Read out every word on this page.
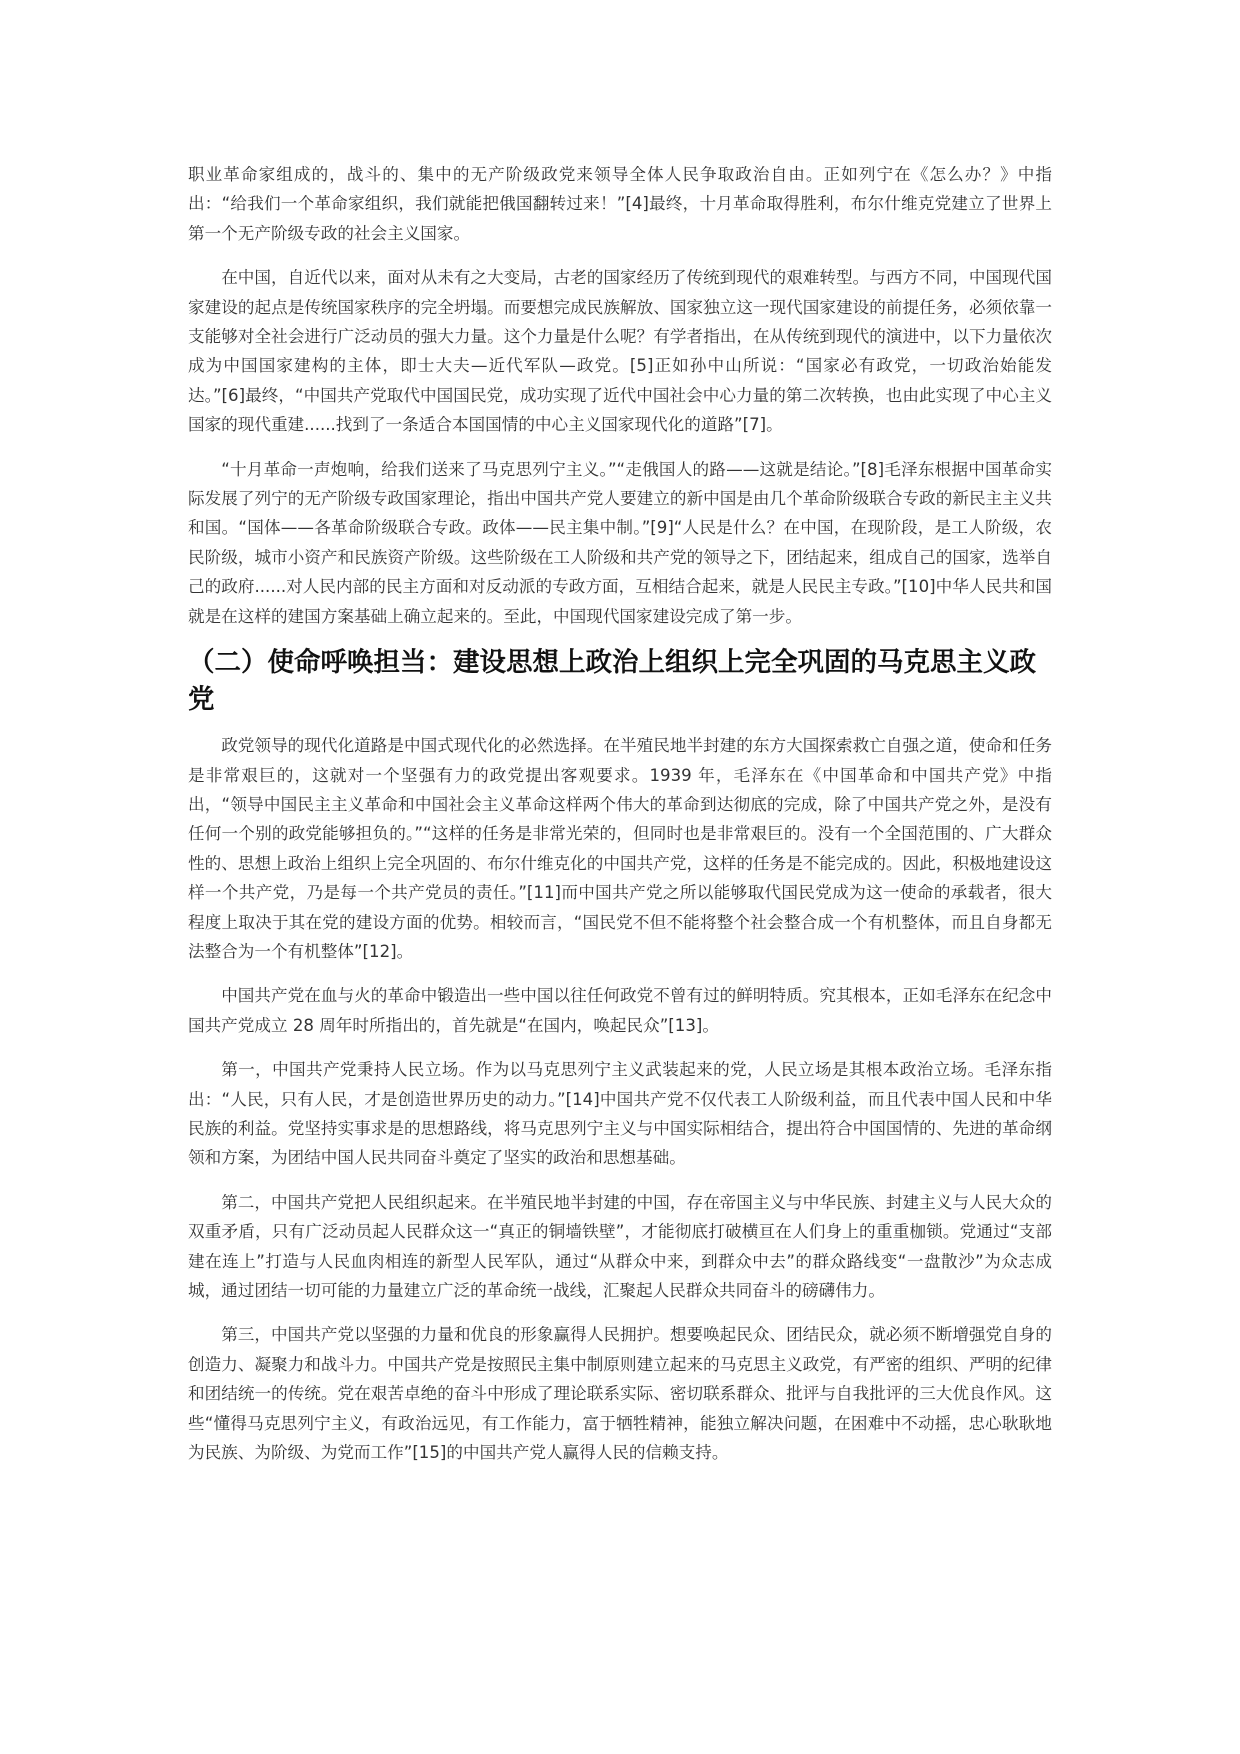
职业革命家组成的，战斗的、集中的无产阶级政党来领导全体人民争取政治自由。正如列宁在《怎么办？》中指出：“给我们一个革命家组织，我们就能把俄国翻转过来！”[4]最终，十月革命取得胜利，布尔什维克党建立了世界上第一个无产阶级专政的社会主义国家。

在中国，自近代以来，面对从未有之大变局，古老的国家经历了传统到现代的艰难转型。与西方不同，中国现代国家建设的起点是传统国家秩序的完全坍塌。而要想完成民族解放、国家独立这一现代国家建设的前提任务，必须依靠一支能够对全社会进行广泛动员的强大力量。这个力量是什么呢？有学者指出，在从传统到现代的演进中，以下力量依次成为中国国家建构的主体，即士大夫—近代军队—政党。[5]正如孙中山所说：“国家必有政党，一切政治始能发达。”[6]最终，“中国共产党取代中国国民党，成功实现了近代中国社会中心力量的第二次转换，也由此实现了中心主义国家的现代重建......找到了一条适合本国国情的中心主义国家现代化的道路”[7]。

“十月革命一声炮响，给我们送来了马克思列宁主义。”“走俄国人的路——这就是结论。”[8]毛泽东根据中国革命实际发展了列宁的无产阶级专政国家理论，指出中国共产党人要建立的新中国是由几个革命阶级联合专政的新民主主义共和国。“国体——各革命阶级联合专政。政体——民主集中制。”[9]“人民是什么？在中国，在现阶段，是工人阶级，农民阶级，城市小资产和民族资产阶级。这些阶级在工人阶级和共产党的领导之下，团结起来，组成自己的国家，选举自己的政府......对人民内部的民主方面和对反动派的专政方面，互相结合起来，就是人民民主专政。”[10]中华人民共和国就是在这样的建国方案基础上确立起来的。至此，中国现代国家建设完成了第一步。

（二）使命呼唤担当：建设思想上政治上组织上完全巩固的马克思主义政党

政党领导的现代化道路是中国式现代化的必然选择。在半殖民地半封建的东方大国探索救亡自强之道，使命和任务是非常艰巨的，这就对一个坚强有力的政党提出客观要求。1939 年，毛泽东在《中国革命和中国共产党》中指出，“领导中国民主主义革命和中国社会主义革命这样两个伟大的革命到达彻底的完成，除了中国共产党之外，是没有任何一个别的政党能够担负的。”“这样的任务是非常光荣的，但同时也是非常艰巨的。没有一个全国范围的、广大群众性的、思想上政治上组织上完全巩固的、布尔什维克化的中国共产党，这样的任务是不能完成的。因此，积极地建设这样一个共产党，乃是每一个共产党员的责任。”[11]而中国共产党之所以能够取代国民党成为这一使命的承载者，很大程度上取决于其在党的建设方面的优势。相较而言，“国民党不但不能将整个社会整合成一个有机整体，而且自身都无法整合为一个有机整体”[12]。

中国共产党在血与火的革命中锻造出一些中国以往任何政党不曾有过的鲜明特质。究其根本，正如毛泽东在纪念中国共产党成立 28 周年时所指出的，首先就是“在国内，唤起民众”[13]。

第一，中国共产党秉持人民立场。作为以马克思列宁主义武装起来的党，人民立场是其根本政治立场。毛泽东指出：“人民，只有人民，才是创造世界历史的动力。”[14]中国共产党不仅代表工人阶级利益，而且代表中国人民和中华民族的利益。党坚持实事求是的思想路线，将马克思列宁主义与中国实际相结合，提出符合中国国情的、先进的革命纲领和方案，为团结中国人民共同奋斗奠定了坚实的政治和思想基础。

第二，中国共产党把人民组织起来。在半殖民地半封建的中国，存在帝国主义与中华民族、封建主义与人民大众的双重矛盾，只有广泛动员起人民群众这一“真正的铜墙铁壁”，才能彻底打破横亘在人们身上的重重枷锁。党通过“支部建在连上”打造与人民血肉相连的新型人民军队，通过“从群众中来，到群众中去”的群众路线变“一盘散沙”为众志成城，通过团结一切可能的力量建立广泛的革命统一战线，汇聚起人民群众共同奋斗的磅礴伟力。

第三，中国共产党以坚强的力量和优良的形象赢得人民拥护。想要唤起民众、团结民众，就必须不断增强党自身的创造力、凝聚力和战斗力。中国共产党是按照民主集中制原则建立起来的马克思主义政党，有严密的组织、严明的纪律和团结统一的传统。党在艰苦卓绝的奋斗中形成了理论联系实际、密切联系群众、批评与自我批评的三大优良作风。这些“懂得马克思列宁主义，有政治远见，有工作能力，富于牺牲精神，能独立解决问题，在困难中不动摇，忠心耿耿地为民族、为阶级、为党而工作”[15]的中国共产党人赢得人民的信赖支持。
